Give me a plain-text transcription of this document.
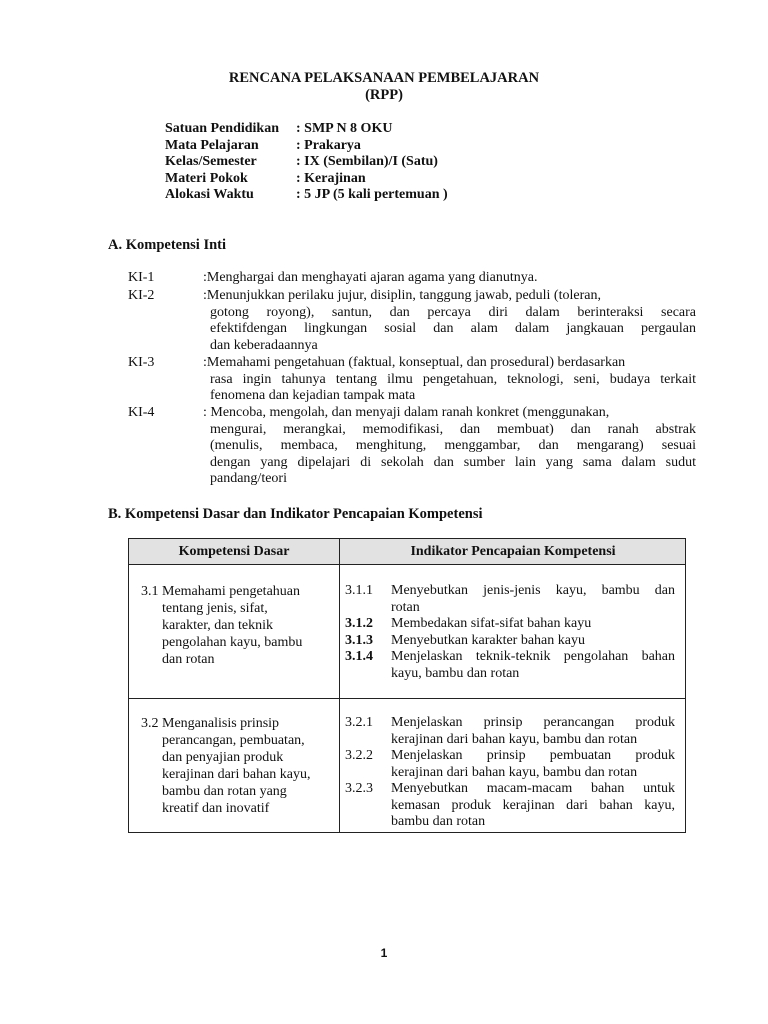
RENCANA PELAKSANAAN PEMBELAJARAN
(RPP)
Satuan Pendidikan : SMP N 8 OKU
Mata Pelajaran	: Prakarya
Kelas/Semester	: IX (Sembilan)/I (Satu)
Materi Pokok	: Kerajinan
Alokasi Waktu	: 5 JP (5 kali pertemuan )
A. Kompetensi Inti
KI-1	:Menghargai dan menghayati ajaran agama yang dianutnya.
KI-2	:Menunjukkan perilaku jujur, disiplin, tanggung jawab, peduli (toleran,
gotong royong), santun, dan percaya diri dalam berinteraksi secara
efektifdengan lingkungan sosial dan alam dalam jangkauan pergaulan
dan keberadaannya
KI-3	:Memahami pengetahuan (faktual, konseptual, dan prosedural) berdasarkan
rasa ingin tahunya tentang ilmu pengetahuan, teknologi, seni, budaya terkait
fenomena dan kejadian tampak mata
KI-4	: Mencoba, mengolah, dan menyaji dalam ranah konkret (menggunakan,
mengurai, merangkai, memodifikasi, dan membuat) dan ranah abstrak
(menulis, membaca, menghitung, menggambar, dan mengarang) sesuai
dengan yang dipelajari di sekolah dan sumber lain yang sama dalam sudut
pandang/teori
B. Kompetensi Dasar dan Indikator Pencapaian Kompetensi
Kompetensi Dasar	Indikator Pencapaian Kompetensi
3.1 Memahami pengetahuan
tentang jenis, sifat,
karakter, dan teknik
pengolahan kayu, bambu
dan rotan
3.1.1	Menyebutkan jenis-jenis kayu, bambu dan
rotan
3.1.2	Membedakan sifat-sifat bahan kayu
3.1.3	Menyebutkan karakter bahan kayu
3.1.4	Menjelaskan teknik-teknik pengolahan bahan
kayu, bambu dan rotan
3.2 Menganalisis prinsip
perancangan, pembuatan,
dan penyajian produk
kerajinan dari bahan kayu,
bambu dan rotan yang
kreatif dan inovatif
3.2.1	Menjelaskan prinsip perancangan produk
kerajinan dari bahan kayu, bambu dan rotan
3.2.2	Menjelaskan prinsip pembuatan produk
kerajinan dari bahan kayu, bambu dan rotan
3.2.3	Menyebutkan macam-macam bahan untuk
kemasan produk kerajinan dari bahan kayu,
bambu dan rotan
1
